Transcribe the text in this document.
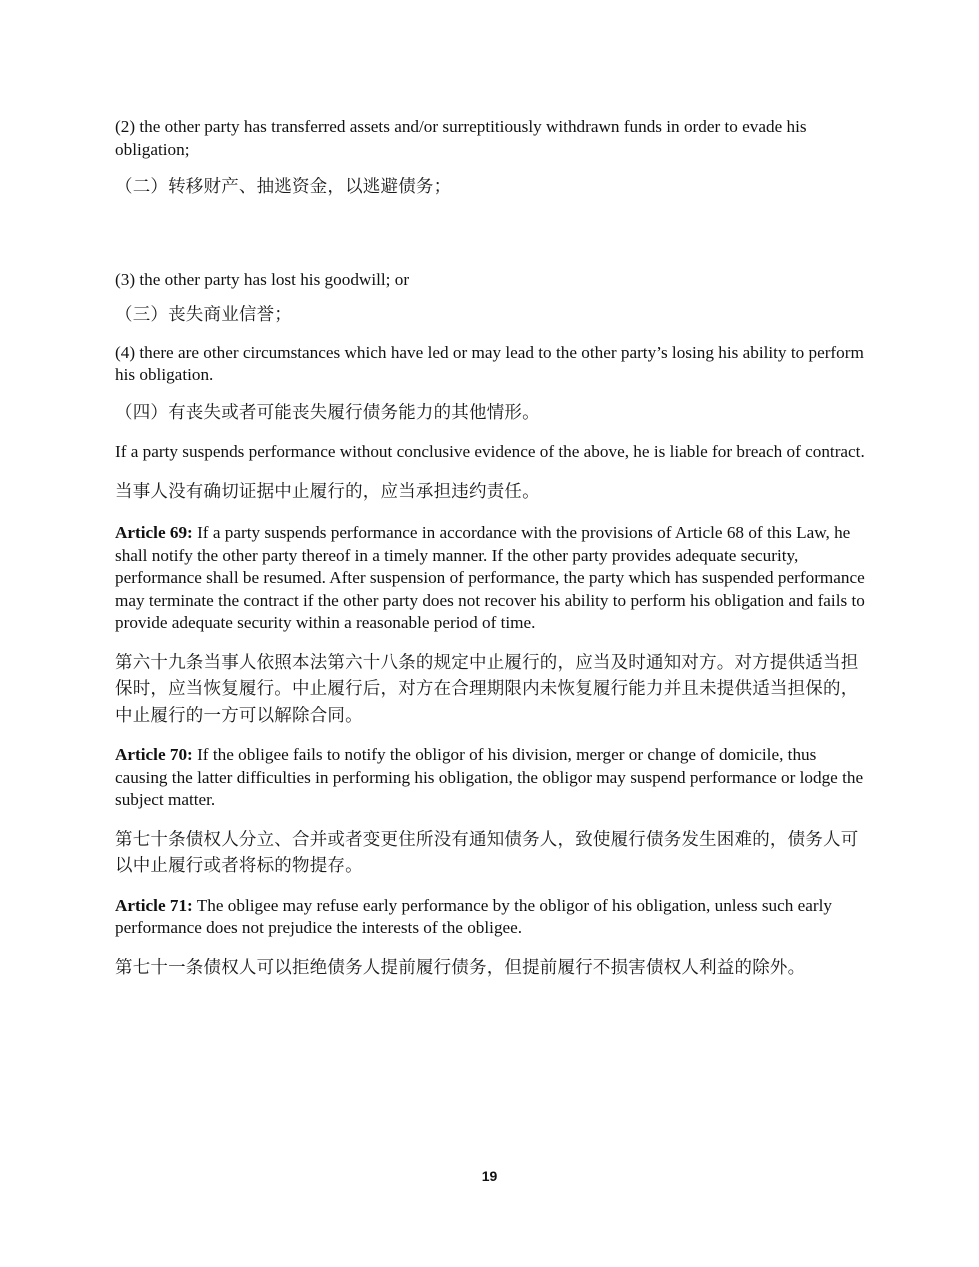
(2) the other party has transferred assets and/or surreptitiously withdrawn funds in order to evade his obligation;

（二）转移财产、抽逃资金，以逃避债务；

(3) the other party has lost his goodwill; or

（三）丧失商业信誉；

(4) there are other circumstances which have led or may lead to the other party’s losing his ability to perform his obligation.

（四）有丧失或者可能丧失履行债务能力的其他情形。

If a party suspends performance without conclusive evidence of the above, he is liable for breach of contract.

当事人没有确切证据中止履行的，应当承担违约责任。

Article 69: If a party suspends performance in accordance with the provisions of Article 68 of this Law, he shall notify the other party thereof in a timely manner. If the other party provides adequate security, performance shall be resumed. After suspension of performance, the party which has suspended performance may terminate the contract if the other party does not recover his ability to perform his obligation and fails to provide adequate security within a reasonable period of time.

第六十九条当事人依照本法第六十八条的规定中止履行的，应当及时通知对方。对方提供适当担保时，应当恢复履行。中止履行后，对方在合理期限内未恢复履行能力并且未提供适当担保的，中止履行的一方可以解除合同。

Article 70: If the obligee fails to notify the obligor of his division, merger or change of domicile, thus causing the latter difficulties in performing his obligation, the obligor may suspend performance or lodge the subject matter.

第七十条债权人分立、合并或者变更住所没有通知债务人，致使履行债务发生困难的，债务人可以中止履行或者将标的物提存。

Article 71: The obligee may refuse early performance by the obligor of his obligation, unless such early performance does not prejudice the interests of the obligee.

第七十一条债权人可以拒绝债务人提前履行债务，但提前履行不损害债权人利益的除外。

19
